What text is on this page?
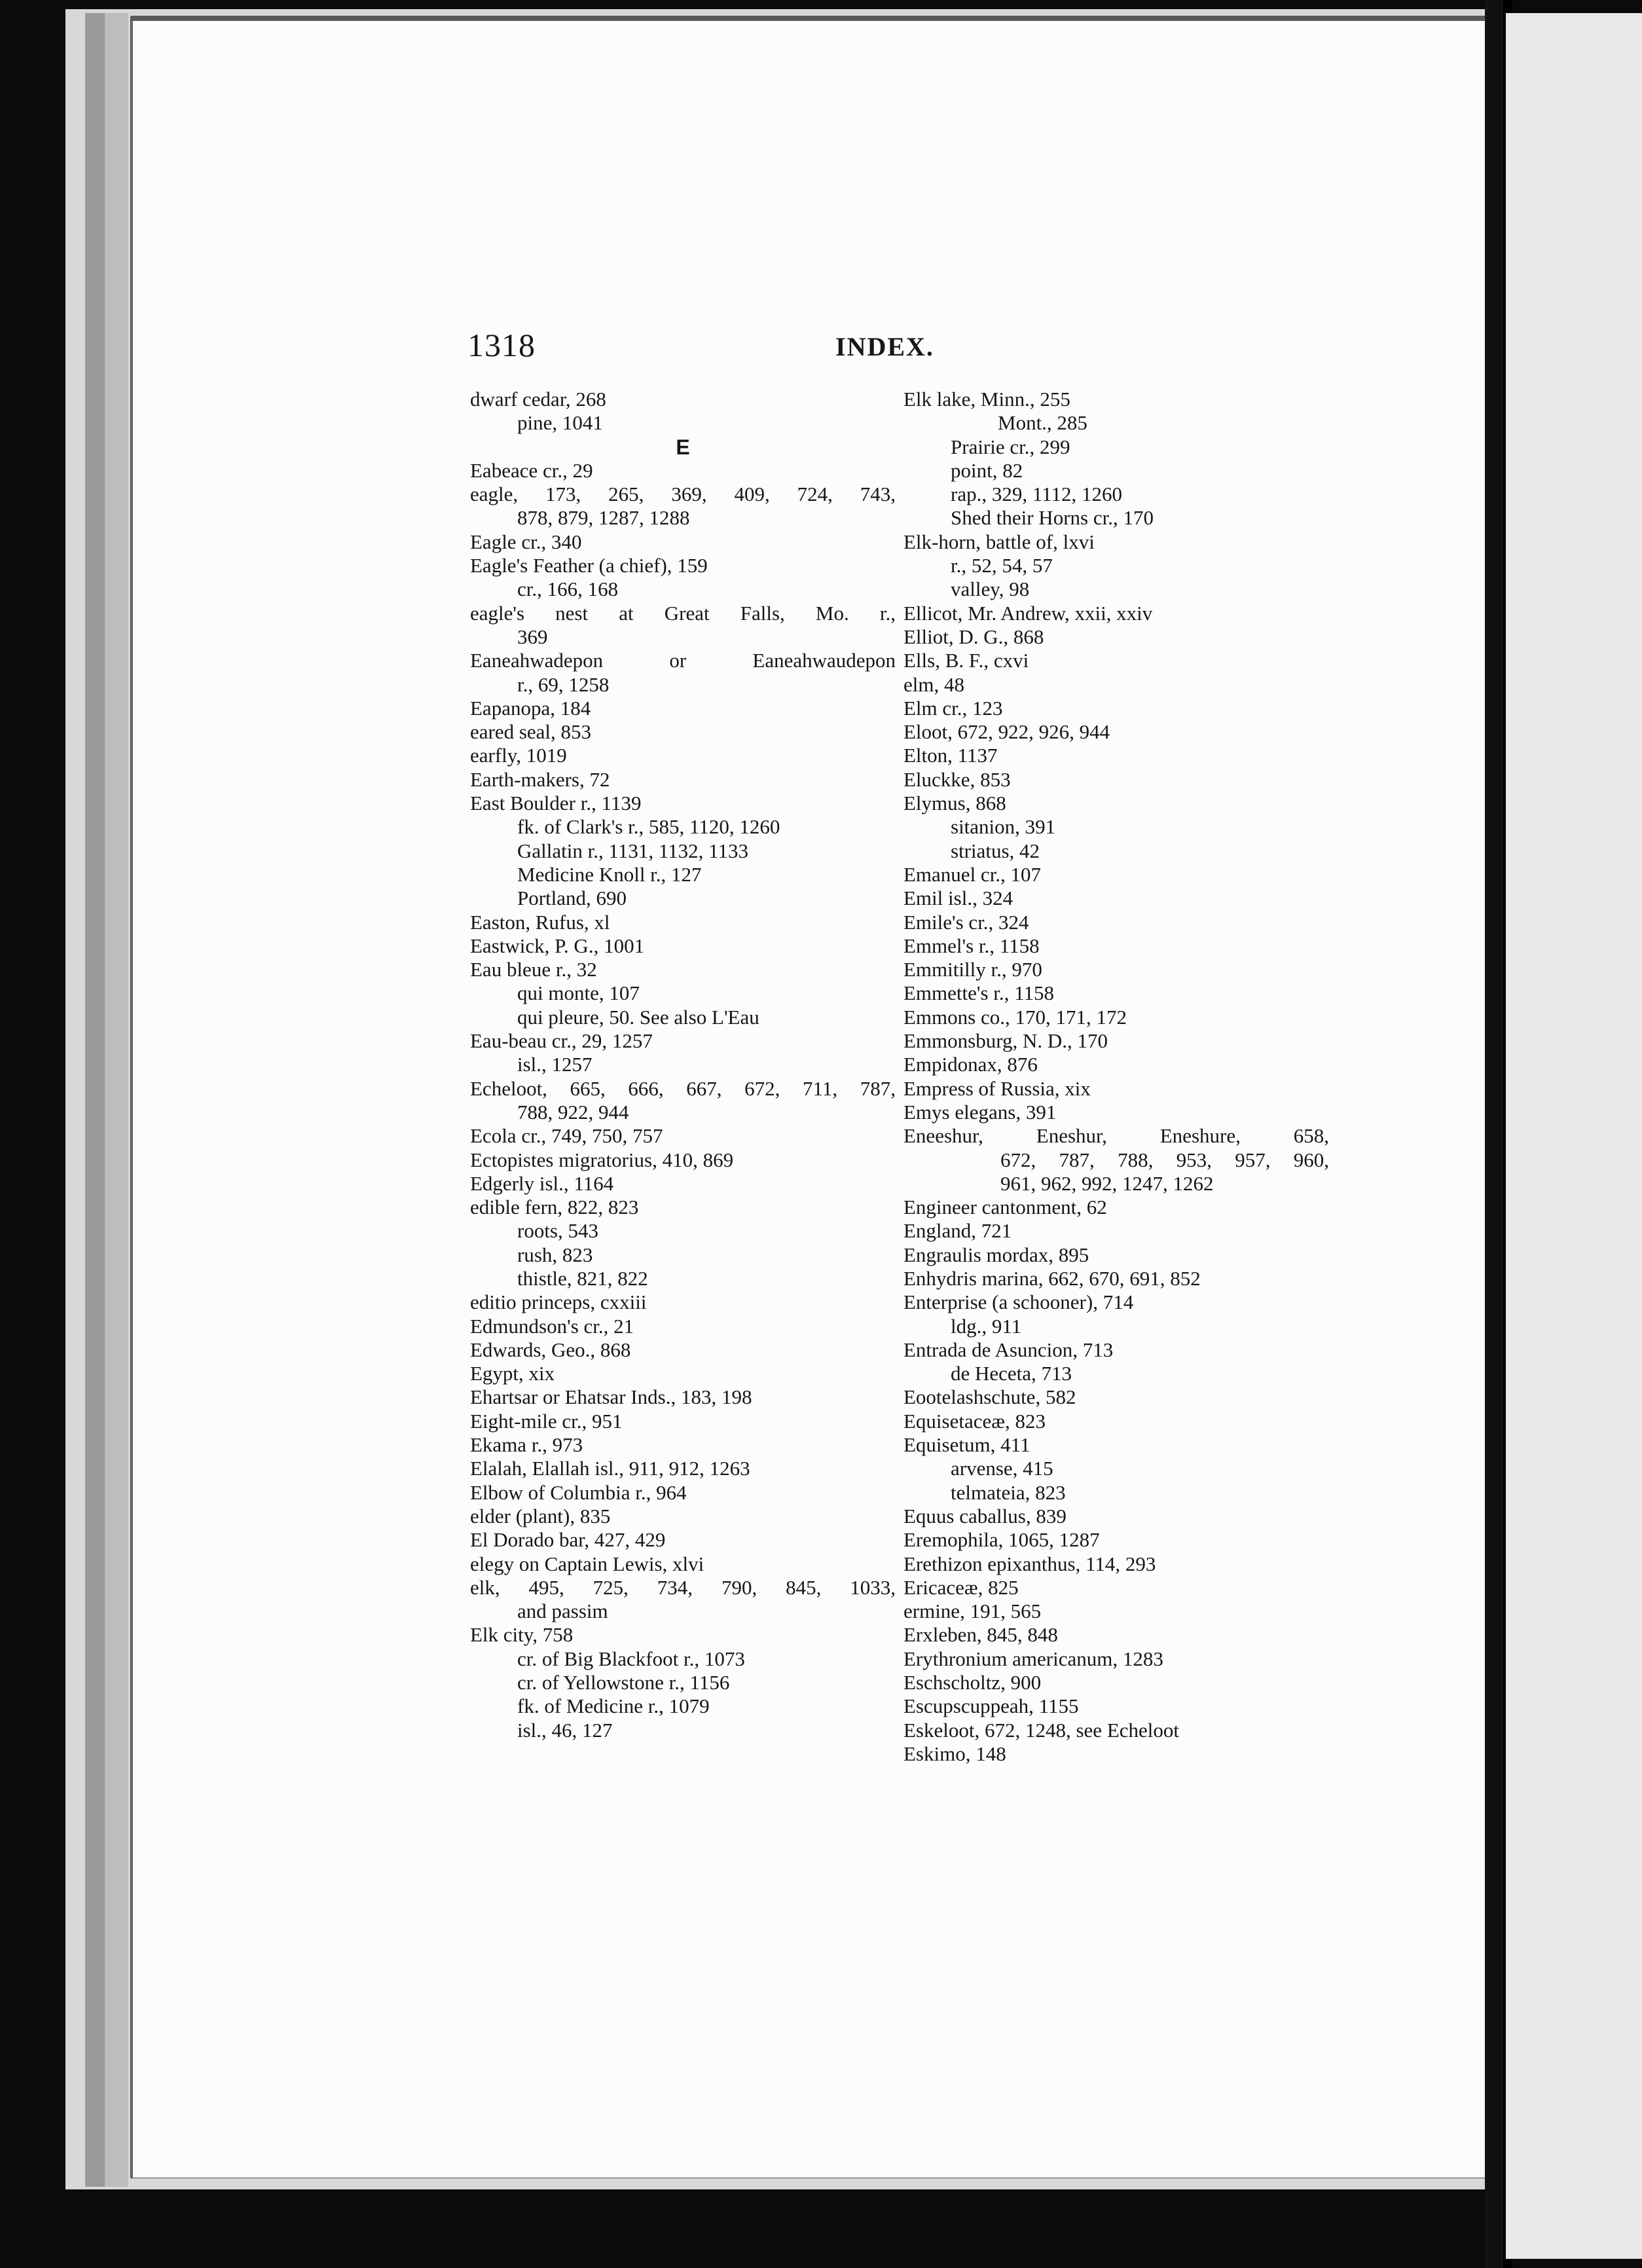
1318	INDEX.
dwarf cedar, 268
pine, 1041
E
Eabeace cr., 29
eagle, 173, 265, 369, 409, 724, 743,
878, 879, 1287, 1288
Eagle cr., 340
Eagle's Feather (a chief), 159
cr., 166, 168
eagle's nest at Great Falls, Mo. r.,
369
Eaneahwadepon or Eaneahwaudepon
r., 69, 1258
Eapanopa, 184
eared seal, 853
earfly, 1019
Earth-makers, 72
East Boulder r., 1139
fk. of Clark's r., 585, 1120, 1260
Gallatin r., 1131, 1132, 1133
Medicine Knoll r., 127
Portland, 690
Easton, Rufus, xl
Eastwick, P. G., 1001
Eau bleue r., 32
qui monte, 107
qui pleure, 50. See also L'Eau
Eau-beau cr., 29, 1257
isl., 1257
Echeloot, 665, 666, 667, 672, 711, 787,
788, 922, 944
Ecola cr., 749, 750, 757
Ectopistes migratorius, 410, 869
Edgerly isl., 1164
edible fern, 822, 823
roots, 543
rush, 823
thistle, 821, 822
editio princeps, cxxiii
Edmundson's cr., 21
Edwards, Geo., 868
Egypt, xix
Ehartsar or Ehatsar Inds., 183, 198
Eight-mile cr., 951
Ekama r., 973
Elalah, Elallah isl., 911, 912, 1263
Elbow of Columbia r., 964
elder (plant), 835
El Dorado bar, 427, 429
elegy on Captain Lewis, xlvi
elk, 495, 725, 734, 790, 845, 1033,
and passim
Elk city, 758
cr. of Big Blackfoot r., 1073
cr. of Yellowstone r., 1156
fk. of Medicine r., 1079
isl., 46, 127
Elk lake, Minn., 255
Mont., 285
Prairie cr., 299
point, 82
rap., 329, 1112, 1260
Shed their Horns cr., 170
Elk-horn, battle of, lxvi
r., 52, 54, 57
valley, 98
Ellicot, Mr. Andrew, xxii, xxiv
Elliot, D. G., 868
Ells, B. F., cxvi
elm, 48
Elm cr., 123
Eloot, 672, 922, 926, 944
Elton, 1137
Eluckke, 853
Elymus, 868
sitanion, 391
striatus, 42
Emanuel cr., 107
Emil isl., 324
Emile's cr., 324
Emmel's r., 1158
Emmitilly r., 970
Emmette's r., 1158
Emmons co., 170, 171, 172
Emmonsburg, N. D., 170
Empidonax, 876
Empress of Russia, xix
Emys elegans, 391
Eneeshur, Eneshur, Eneshure, 658,
672, 787, 788, 953, 957, 960,
961, 962, 992, 1247, 1262
Engineer cantonment, 62
England, 721
Engraulis mordax, 895
Enhydris marina, 662, 670, 691, 852
Enterprise (a schooner), 714
ldg., 911
Entrada de Asuncion, 713
de Heceta, 713
Eootelashschute, 582
Equisetaceæ, 823
Equisetum, 411
arvense, 415
telmateia, 823
Equus caballus, 839
Eremophila, 1065, 1287
Erethizon epixanthus, 114, 293
Ericaceæ, 825
ermine, 191, 565
Erxleben, 845, 848
Erythronium americanum, 1283
Eschscholtz, 900
Escupscuppeah, 1155
Eskeloot, 672, 1248, see Echeloot
Eskimo, 148
